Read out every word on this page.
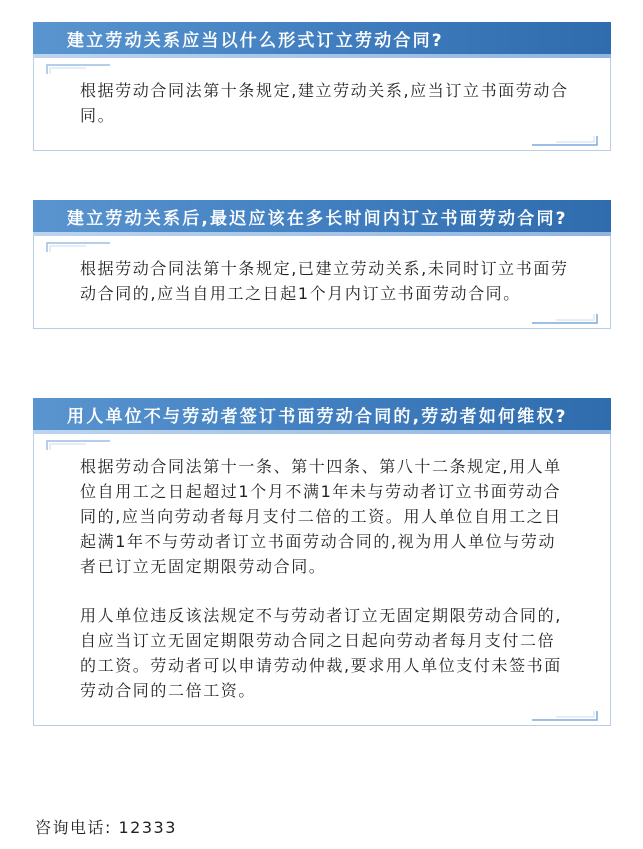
建立劳动关系应当以什么形式订立劳动合同?

根据劳动合同法第十条规定,建立劳动关系,应当订立书面劳动合同。

建立劳动关系后,最迟应该在多长时间内订立书面劳动合同?

根据劳动合同法第十条规定,已建立劳动关系,未同时订立书面劳动合同的,应当自用工之日起1个月内订立书面劳动合同。

用人单位不与劳动者签订书面劳动合同的,劳动者如何维权?

根据劳动合同法第十一条、第十四条、第八十二条规定,用人单位自用工之日起超过1个月不满1年未与劳动者订立书面劳动合同的,应当向劳动者每月支付二倍的工资。用人单位自用工之日起满1年不与劳动者订立书面劳动合同的,视为用人单位与劳动者已订立无固定期限劳动合同。

用人单位违反该法规定不与劳动者订立无固定期限劳动合同的,自应当订立无固定期限劳动合同之日起向劳动者每月支付二倍的工资。劳动者可以申请劳动仲裁,要求用人单位支付未签书面劳动合同的二倍工资。

咨询电话: 12333
